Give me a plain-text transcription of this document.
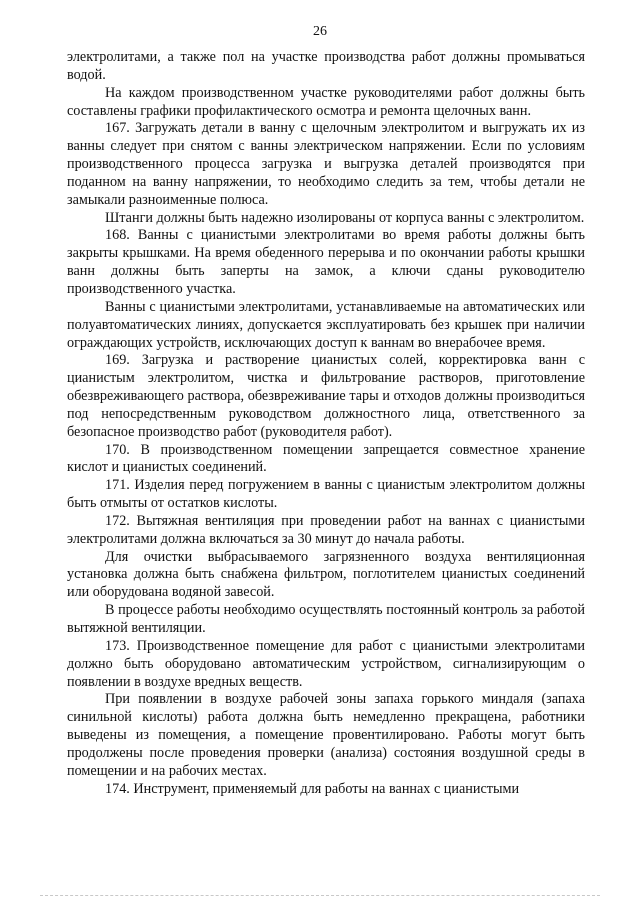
26

электролитами, а также пол на участке производства работ должны промываться водой.

На каждом производственном участке руководителями работ должны быть составлены графики профилактического осмотра и ремонта щелочных ванн.

167. Загружать детали в ванну с щелочным электролитом и выгружать их из ванны следует при снятом с ванны электрическом напряжении. Если по условиям производственного процесса загрузка и выгрузка деталей производятся при поданном на ванну напряжении, то необходимо следить за тем, чтобы детали не замыкали разноименные полюса.

Штанги должны быть надежно изолированы от корпуса ванны с электролитом.

168. Ванны с цианистыми электролитами во время работы должны быть закрыты крышками. На время обеденного перерыва и по окончании работы крышки ванн должны быть заперты на замок, а ключи сданы руководителю производственного участка.

Ванны с цианистыми электролитами, устанавливаемые на автоматических или полуавтоматических линиях, допускается эксплуатировать без крышек при наличии ограждающих устройств, исключающих доступ к ваннам во внерабочее время.

169. Загрузка и растворение цианистых солей, корректировка ванн с цианистым электролитом, чистка и фильтрование растворов, приготовление обезвреживающего раствора, обезвреживание тары и отходов должны производиться под непосредственным руководством должностного лица, ответственного за безопасное производство работ (руководителя работ).

170. В производственном помещении запрещается совместное хранение кислот и цианистых соединений.

171. Изделия перед погружением в ванны с цианистым электролитом должны быть отмыты от остатков кислоты.

172. Вытяжная вентиляция при проведении работ на ваннах с цианистыми электролитами должна включаться за 30 минут до начала работы.

Для очистки выбрасываемого загрязненного воздуха вентиляционная установка должна быть снабжена фильтром, поглотителем цианистых соединений или оборудована водяной завесой.

В процессе работы необходимо осуществлять постоянный контроль за работой вытяжной вентиляции.

173. Производственное помещение для работ с цианистыми электролитами должно быть оборудовано автоматическим устройством, сигнализирующим о появлении в воздухе вредных веществ.

При появлении в воздухе рабочей зоны запаха горького миндаля (запаха синильной кислоты) работа должна быть немедленно прекращена, работники выведены из помещения, а помещение провентилировано. Работы могут быть продолжены после проведения проверки (анализа) состояния воздушной среды в помещении и на рабочих местах.

174. Инструмент, применяемый для работы на ваннах с цианистыми
